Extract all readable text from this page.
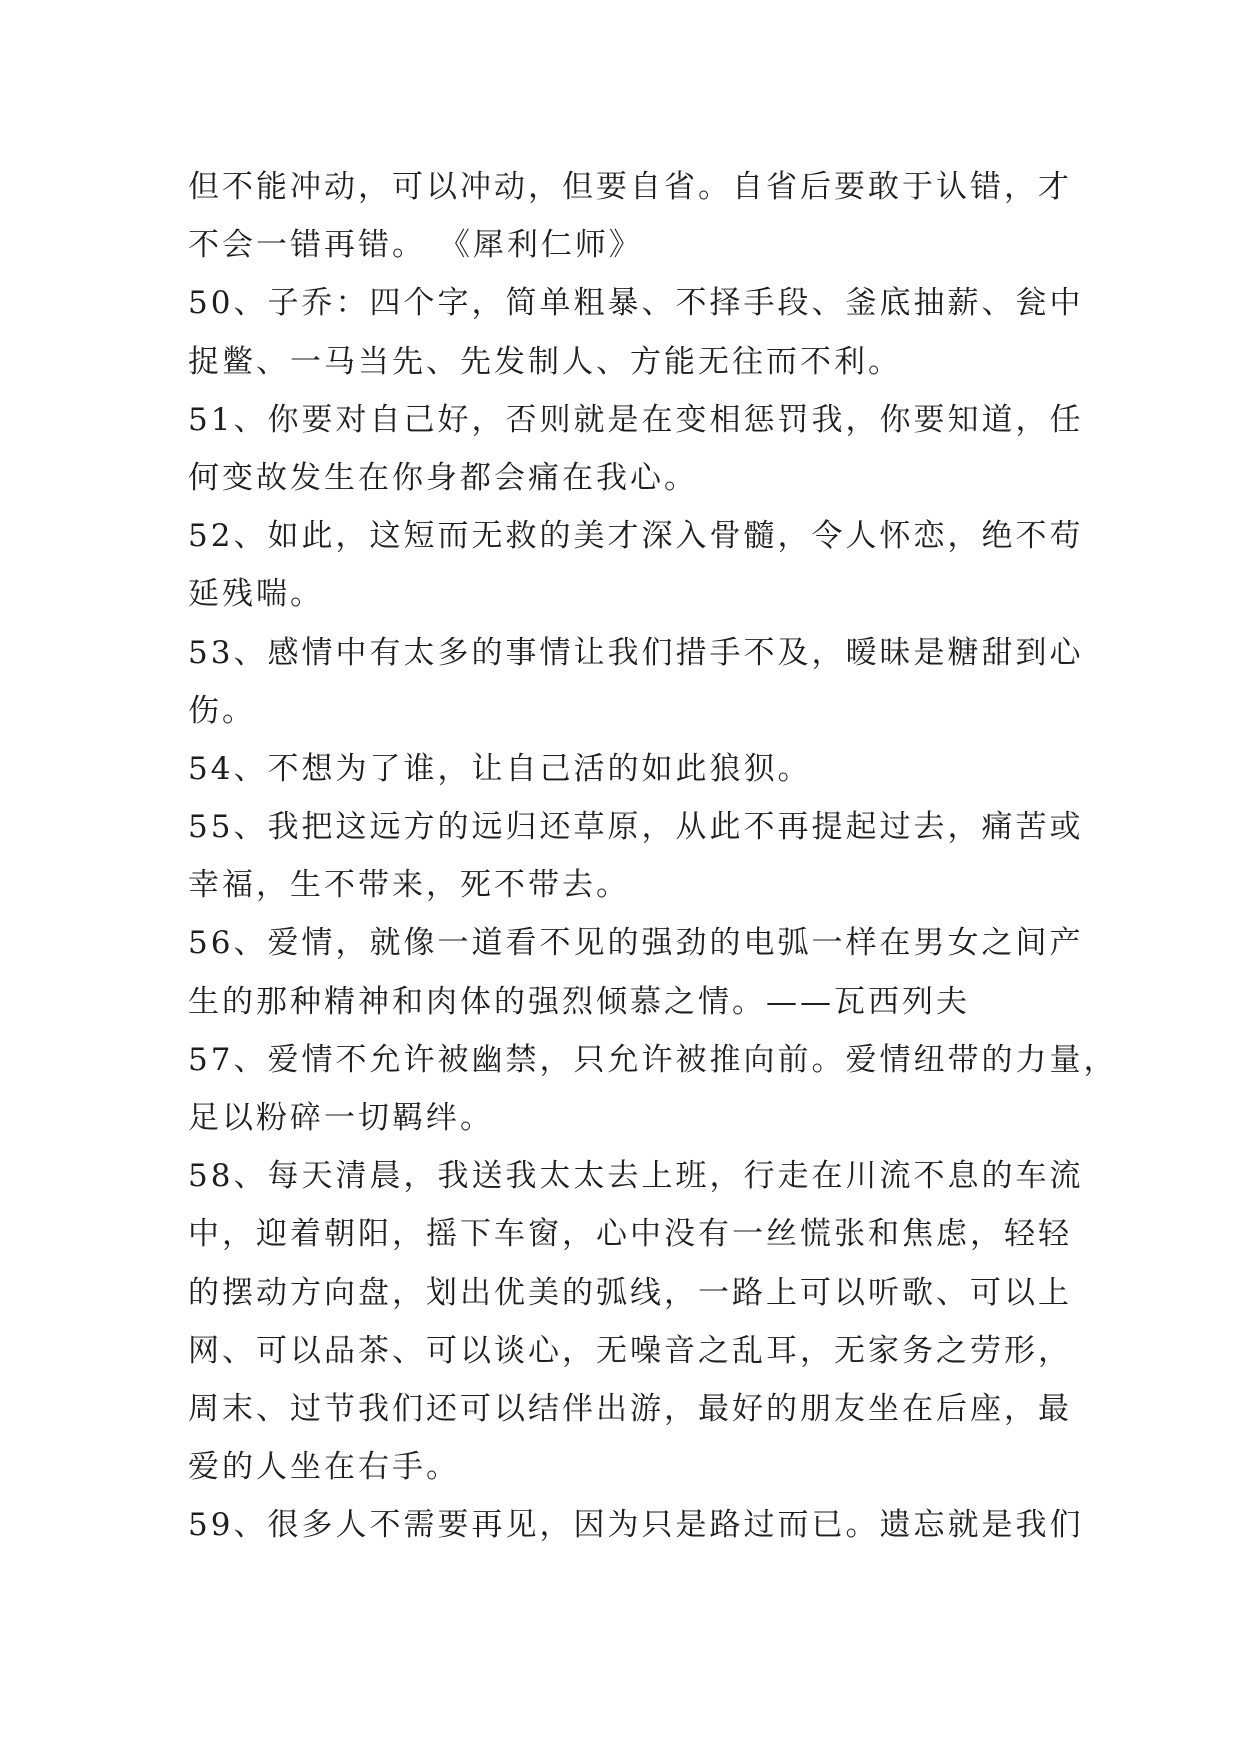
但不能冲动，可以冲动，但要自省。自省后要敢于认错，才
不会一错再错。 《犀利仁师》
50、子乔：四个字，简单粗暴、不择手段、釜底抽薪、瓮中
捉鳖、一马当先、先发制人、方能无往而不利。
51、你要对自己好，否则就是在变相惩罚我，你要知道，任
何变故发生在你身都会痛在我心。
52、如此，这短而无救的美才深入骨髓，令人怀恋，绝不苟
延残喘。
53、感情中有太多的事情让我们措手不及，暧昧是糖甜到心
伤。
54、不想为了谁，让自己活的如此狼狈。
55、我把这远方的远归还草原，从此不再提起过去，痛苦或
幸福，生不带来，死不带去。
56、爱情，就像一道看不见的强劲的电弧一样在男女之间产
生的那种精神和肉体的强烈倾慕之情。——瓦西列夫
57、爱情不允许被幽禁，只允许被推向前。爱情纽带的力量，
足以粉碎一切羁绊。
58、每天清晨，我送我太太去上班，行走在川流不息的车流
中，迎着朝阳，摇下车窗，心中没有一丝慌张和焦虑，轻轻
的摆动方向盘，划出优美的弧线，一路上可以听歌、可以上
网、可以品茶、可以谈心，无噪音之乱耳，无家务之劳形，
周末、过节我们还可以结伴出游，最好的朋友坐在后座，最
爱的人坐在右手。
59、很多人不需要再见，因为只是路过而已。遗忘就是我们
